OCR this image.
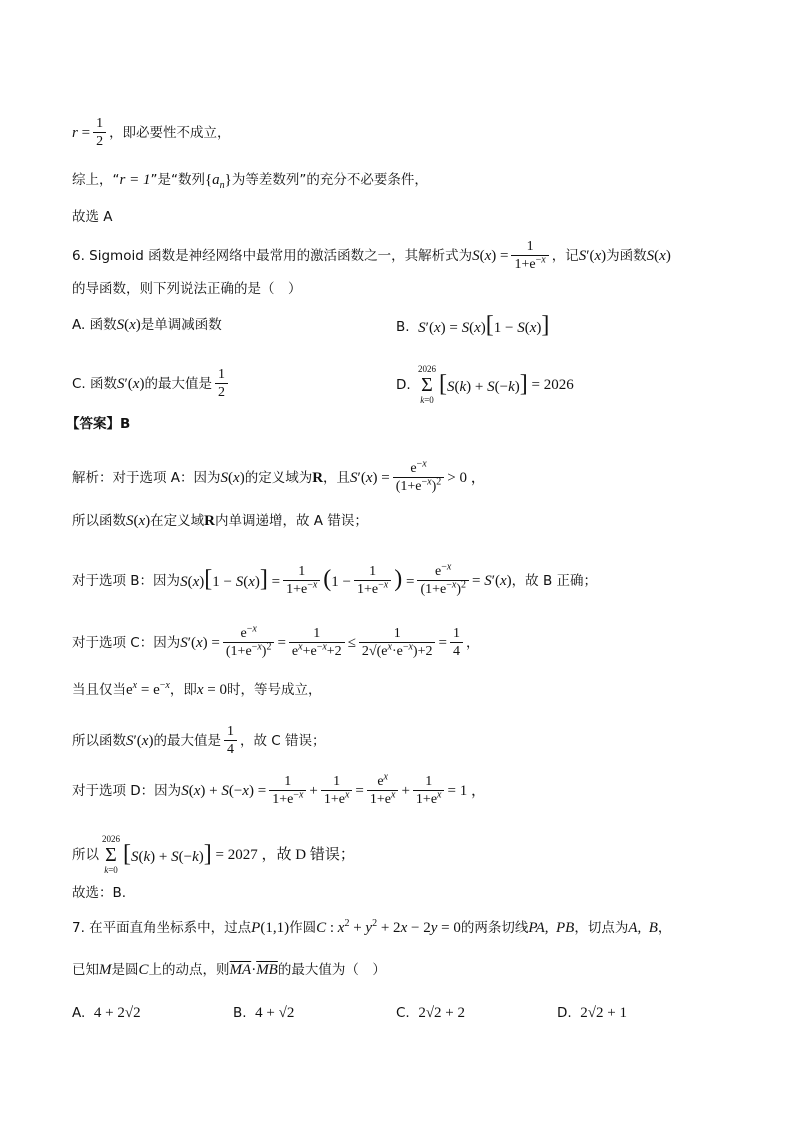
$r = \frac{1}{2}$ ，即必要性不成立，
综上，“ r = 1 ”是“数列 $\{a_n\}$ 为等差数列”的充分不必要条件，
故选 A
6. Sigmoid 函数是神经网络中最常用的激活函数之一，其解析式为 S $(x) = \frac{1}{1+e^{-x}}$ ，记 S′(x) 为函数 S(x)
的导函数，则下列说法正确的是（　）
A.
函数 S(x) 是单调减函数	B.
S′(x) = S(x)[1 − S(x)]
C.
函数 S′(x) 的最大值是 $\frac{1}{2}$	D.

2026
Σ
k=0
[S(k) + S(−k)] = 2026
【答案】B
解析：对于选项 A：因为 S(x) 的定义域为 R ，且 $S'(x) = \frac{e^{-x}}{(1+e^{-x})^2} > 0$ ，
所以函数 S(x) 在定义域 R 内单调递增，故 A 错误；
对于选项 B：因为 $S(x)[1 - S(x)] = \frac{1}{1+e^{-x}} (1 - \frac{1}{1+e^{-x}}$ ) = $\frac{e^{-x}}{(1+e^{-x})^2} = S'(x)$ ，故 B 正确；
对于选项 C：因为 $S'(x) = \frac{e^{-x}}{(1+e^{-x})^2} = \frac{1}{e^x+e^{-x}+2} \le \frac{1}{2√(e^x\cdot e^{-x})+2} = \frac{1}{4}$ ，
当且仅当 $e^x = e^{-x}$ ，即 x = 0 时，等号成立，
所以函数 S′(x) 的最大值是 $\frac{1}{4}$ ，故 C 错误；
对于选项 D：因为 $S(x) + S(-x) = \frac{1}{1+e^{-x}} + \frac{1}{1+e^x} = \frac{e^x}{1+e^x} + \frac{1}{1+e^x} = 1$ ，
所以
2026
Σ
k=0
[S(k) + S(−k)] = 2027 ，故 D 错误；
故选：B.
7. 在平面直角坐标系中，过点 P(1,1) 作圆 C : $x^2 + y^2 + 2x - 2y = 0$ 的两条切线 PA,  PB ，切点为 A,  B ，
已知 M 是圆 C 上的动点，则 $\overline{MA} \cdot \overline{MB}$ 的最大值为（　）
A.
4 + 2√2	B.
4 + √2	C.
2√2 + 2	D.
2√2 + 1
